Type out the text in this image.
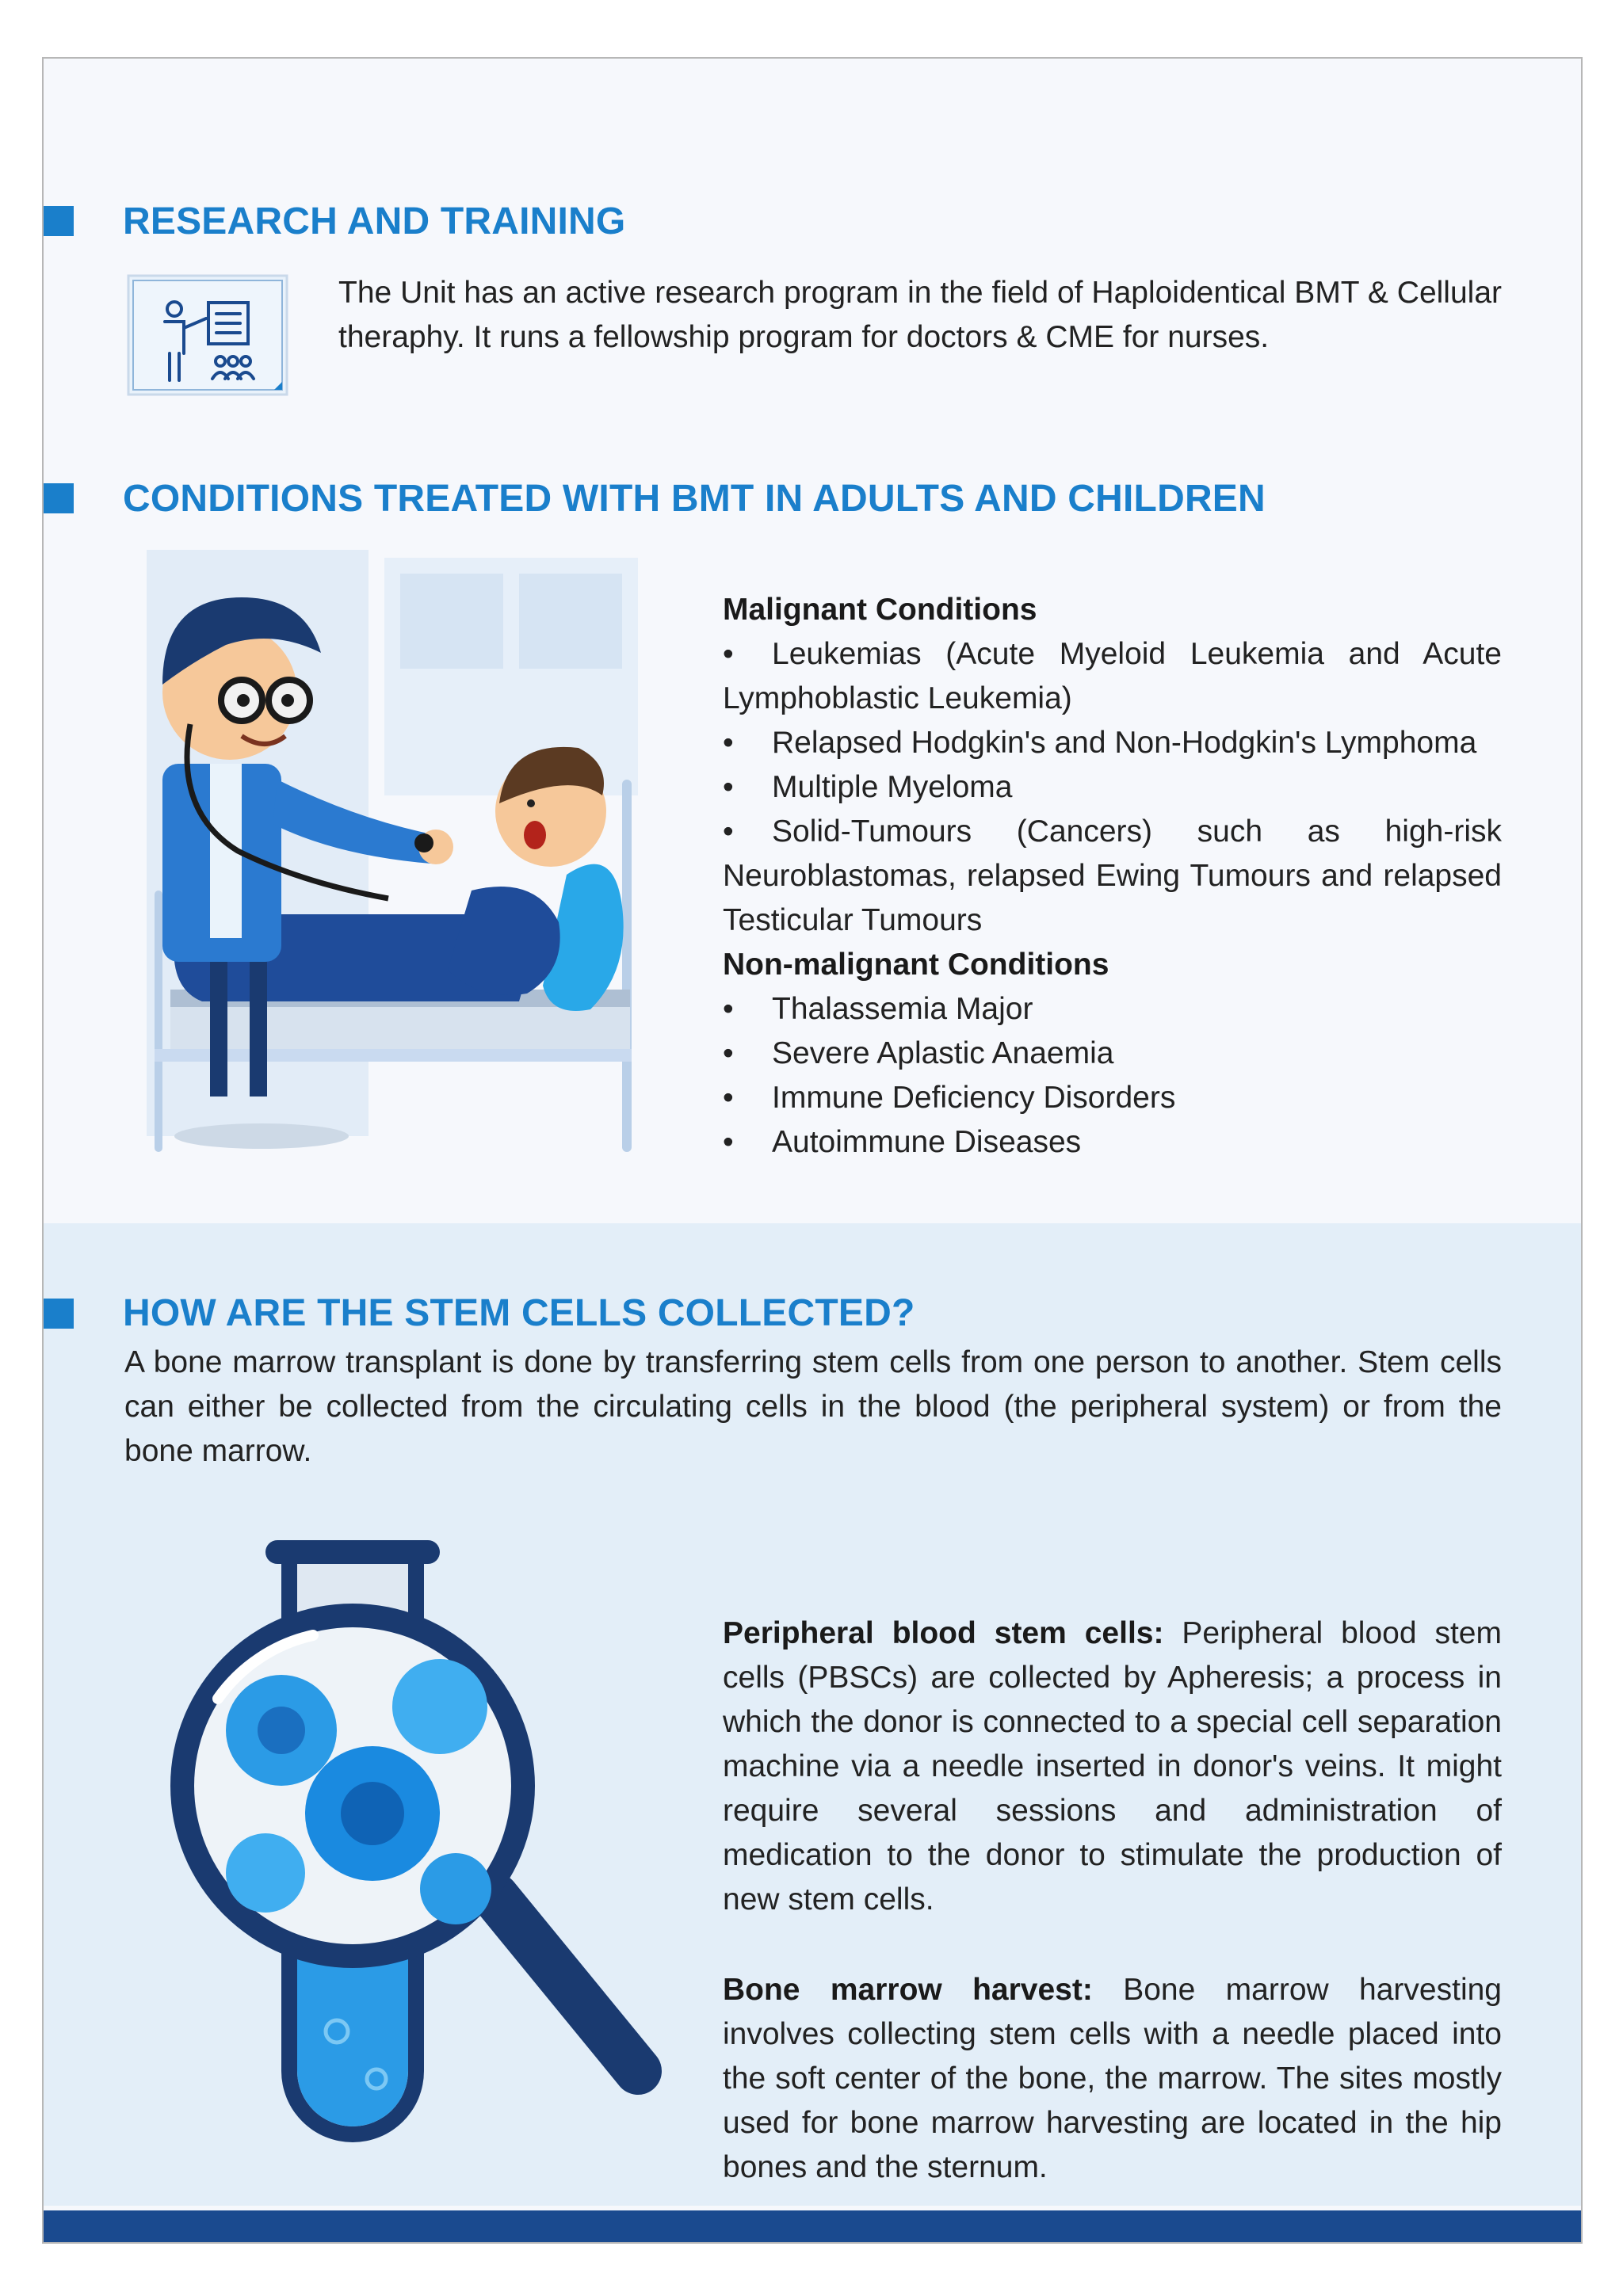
RESEARCH AND TRAINING

The Unit has an active research program in the field of Haploidentical BMT & Cellular theraphy. It runs a fellowship program for doctors & CME for nurses.

CONDITIONS TREATED WITH BMT IN ADULTS AND CHILDREN
Malignant Conditions
• Leukemias (Acute Myeloid Leukemia and Acute Lymphoblastic Leukemia)
• Relapsed Hodgkin's and Non-Hodgkin's Lymphoma
• Multiple Myeloma
• Solid-Tumours (Cancers) such as high-risk Neuroblastomas, relapsed Ewing Tumours and relapsed Testicular Tumours
Non-malignant Conditions
• Thalassemia Major
• Severe Aplastic Anaemia
• Immune Deficiency Disorders
• Autoimmune Diseases
HOW ARE THE STEM CELLS COLLECTED?

A bone marrow transplant is done by transferring stem cells from one person to another. Stem cells can either be collected from the circulating cells in the blood (the peripheral system) or from the bone marrow.

Peripheral blood stem cells: Peripheral blood stem cells (PBSCs) are collected by Apheresis; a process in which the donor is connected to a special cell separation machine via a needle inserted in donor's veins. It might require several sessions and administration of medication to the donor to stimulate the production of new stem cells.

Bone marrow harvest: Bone marrow harvesting involves collecting stem cells with a needle placed into the soft center of the bone, the marrow. The sites mostly used for bone marrow harvesting are located in the hip bones and the sternum.
